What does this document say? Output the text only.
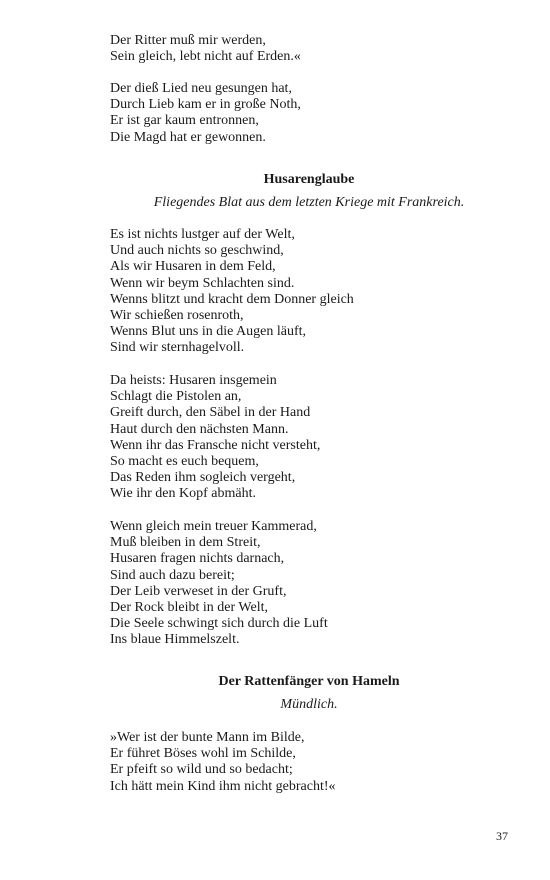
Der Ritter muß mir werden,
Sein gleich, lebt nicht auf Erden.«
Der dieß Lied neu gesungen hat,
Durch Lieb kam er in große Noth,
Er ist gar kaum entronnen,
Die Magd hat er gewonnen.
Husarenglaube
Fliegendes Blat aus dem letzten Kriege mit Frankreich.
Es ist nichts lustger auf der Welt,
Und auch nichts so geschwind,
Als wir Husaren in dem Feld,
Wenn wir beym Schlachten sind.
Wenns blitzt und kracht dem Donner gleich
Wir schießen rosenroth,
Wenns Blut uns in die Augen läuft,
Sind wir sternhagelvoll.
Da heists: Husaren insgemein
Schlagt die Pistolen an,
Greift durch, den Säbel in der Hand
Haut durch den nächsten Mann.
Wenn ihr das Fransche nicht versteht,
So macht es euch bequem,
Das Reden ihm sogleich vergeht,
Wie ihr den Kopf abmäht.
Wenn gleich mein treuer Kammerad,
Muß bleiben in dem Streit,
Husaren fragen nichts darnach,
Sind auch dazu bereit;
Der Leib verweset in der Gruft,
Der Rock bleibt in der Welt,
Die Seele schwingt sich durch die Luft
Ins blaue Himmelszelt.
Der Rattenfänger von Hameln
Mündlich.
»Wer ist der bunte Mann im Bilde,
Er führet Böses wohl im Schilde,
Er pfeift so wild und so bedacht;
Ich hätt mein Kind ihm nicht gebracht!«
37
